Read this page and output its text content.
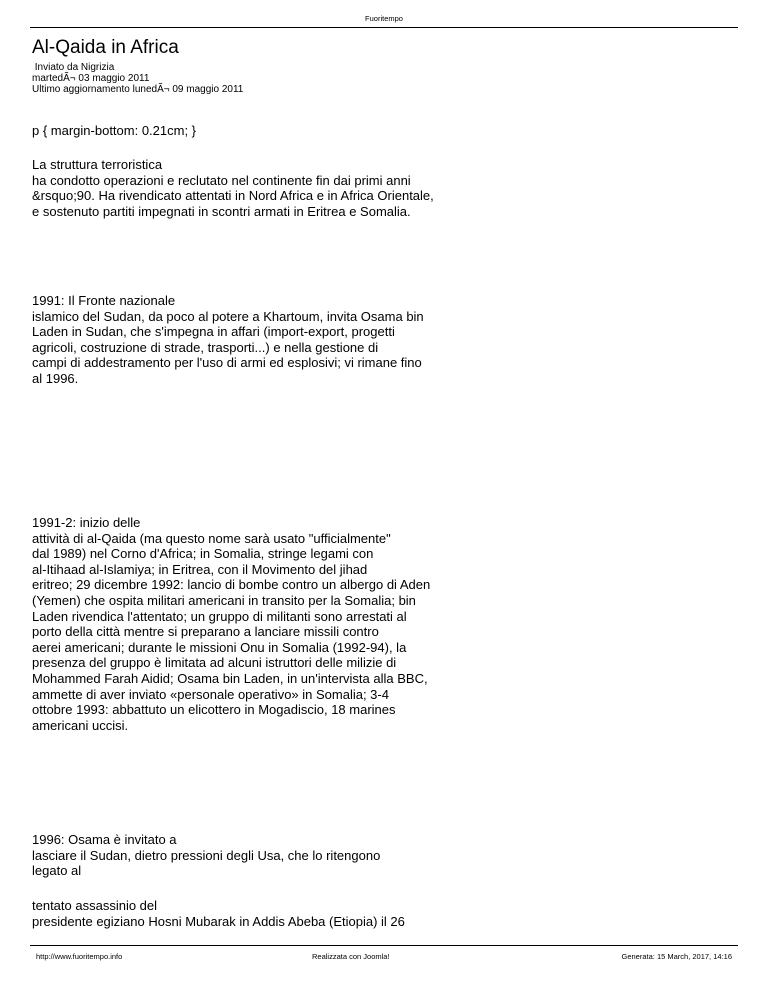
Fuoritempo
Al-Qaida in Africa
Inviato da Nigrizia
martedÃ¬ 03 maggio 2011
Ultimo aggiornamento lunedÃ¬ 09 maggio 2011

p { margin-bottom: 0.21cm; }

La struttura terroristica
ha condotto operazioni e reclutato nel continente fin dai primi anni
&rsquo;90. Ha rivendicato attentati in Nord Africa e in Africa Orientale,
e sostenuto partiti impegnati in scontri armati in Eritrea e Somalia.

1991: Il Fronte nazionale
islamico del Sudan, da poco al potere a Khartoum, invita Osama bin
Laden in Sudan, che s'impegna in affari (import-export, progetti
agricoli, costruzione di strade, trasporti...) e nella gestione di
campi di addestramento per l'uso di armi ed esplosivi; vi rimane fino
al 1996.

1991-2: inizio delle
attività di al-Qaida (ma questo nome sarà usato "ufficialmente"
dal 1989) nel Corno d'Africa; in Somalia, stringe legami con
al-Itihaad al-Islamiya; in Eritrea, con il Movimento del jihad
eritreo; 29 dicembre 1992: lancio di bombe contro un albergo di Aden
(Yemen) che ospita militari americani in transito per la Somalia; bin
Laden rivendica l'attentato; un gruppo di militanti sono arrestati al
porto della città mentre si preparano a lanciare missili contro
aerei americani; durante le missioni Onu in Somalia (1992-94), la
presenza del gruppo è limitata ad alcuni istruttori delle milizie di
Mohammed Farah Aidid; Osama bin Laden, in un'intervista alla BBC,
ammette di aver inviato «personale operativo» in Somalia; 3-4
ottobre 1993: abbattuto un elicottero in Mogadiscio, 18 marines
americani uccisi.

1996: Osama è invitato a
lasciare il Sudan, dietro pressioni degli Usa, che lo ritengono
legato al

tentato assassinio del
presidente egiziano Hosni Mubarak in Addis Abeba (Etiopia) il 26

http://www.fuoritempo.info	Realizzata con Joomla!	Generata: 15 March, 2017, 14:16
